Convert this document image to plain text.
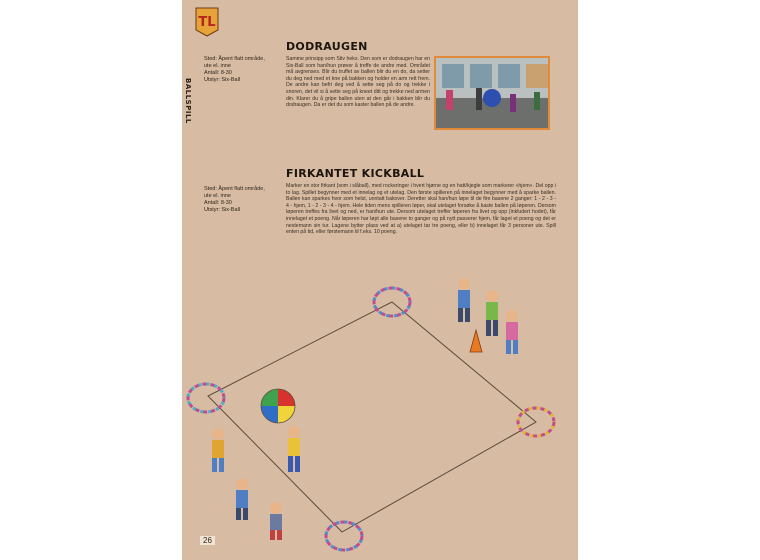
TL
BALLSPILL
Sted: Åpent flatt område,
ute el. inne
Antall: 8-30
Utstyr: Six-Ball
DODRAUGEN
Samme prinsipp som Stiv heks. Den som er dodraugen har en Six-Ball som han/hun prøver å treffe de andre med. Området må avgrenses. Blir du truffet av ballen blir du en do, da setter du deg ned med et kne på bakken og holder en arm rett frem. De andre kan befri deg ved å sette seg på do og trekke i snoren, det vil si å sette seg på kneet ditt og trekke ned armen din. Klarer du å gripe ballen uten at den går i bakken blir du dodraugen. Da er det du som kaster ballen på de andre.
Sted: Åpent flatt område,
ute el. inne
Antall: 8-30
Utstyr: Six-Ball
FIRKANTET KICKBALL
Marker en stor firkant (som i slåball), med rockeringer i hvert hjørne og en hatt/kjegle som markerer «hjem». Del opp i to lag. Spillet begynner med et innelag og et utelag. Den første spilleren på innelaget begynner med å sparke ballen. Ballen kan sparkes hvor som helst, unntatt bakover. Deretter skal han/hun løpe til de fire basene 2 ganger: 1 - 2 - 3 - 4 - hjem, 1 - 2 - 3 - 4 - hjem. Hele tiden mens spilleren løper, skal utelaget forsøke å kaste ballen på løperen. Dersom løperen treffes fra livet og ned, er han/hun ute. Dersom utelaget treffer løperen fra livet og opp (inkludert hodet), får innelaget et poeng. Når løperen har løpt alle basene to ganger og på nytt passerer hjem, får laget et poeng og det er nestemann sin tur. Lagene bytter plass ved at a) utelaget tar tre poeng, eller b) innelaget får 3 personer ute. Spill enten på tid, eller førstemann til f.eks. 10 poeng.
26
